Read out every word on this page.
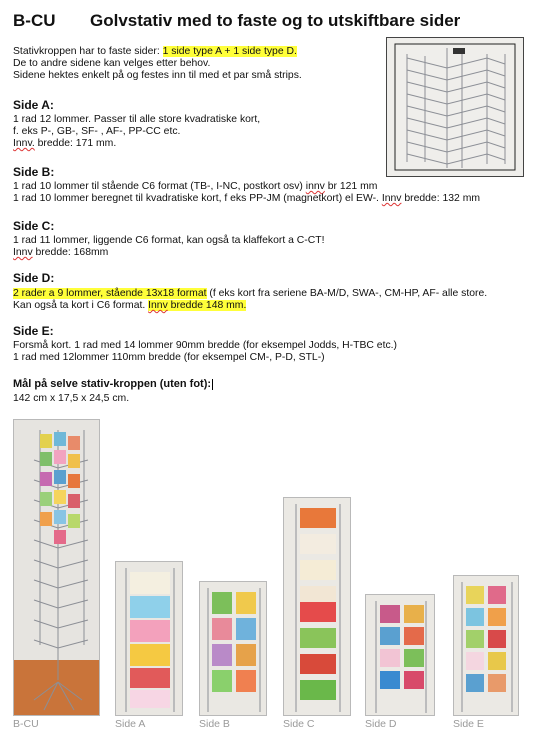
B-CU Golvstativ med to faste og to utskiftbare sider
Stativkroppen har to faste sider: 1 side type A + 1 side type D.
De to andre sidene kan velges etter behov.
Sidene hektes enkelt på og festes inn til med et par små strips.
Side A:
1 rad 12 lommer. Passer til alle store kvadratiske kort,
f. eks P-, GB-, SF- , AF-, PP-CC etc.
Innv. bredde: 171 mm.
Side B:
1 rad 10 lommer til stående C6 format (TB-, I-NC, postkort osv) innv br 121 mm
1 rad 10 lommer beregnet til kvadratiske kort, f eks PP-JM (magnetkort) el EW-. Innv bredde: 132 mm
Side C:
1 rad 11 lommer, liggende C6 format, kan også ta klaffekort a C-CT!
Innv bredde: 168mm
Side D:
2 rader a 9 lommer, stående 13x18 format (f eks kort fra seriene BA-M/D, SWA-, CM-HP, AF- alle store.
Kan også ta kort i C6 format. Innv bredde 148 mm.
Side E:
Forsmå kort. 1 rad med 14 lommer 90mm bredde (for eksempel Jodds, H-TBC etc.)
1 rad med 12lommer 110mm bredde (for eksempel CM-, P-D, STL-)
Mål på selve stativ-kroppen (uten fot):
142 cm x 17,5 x 24,5 cm.
B-CU	Side A	Side B	Side C	Side D	Side E
